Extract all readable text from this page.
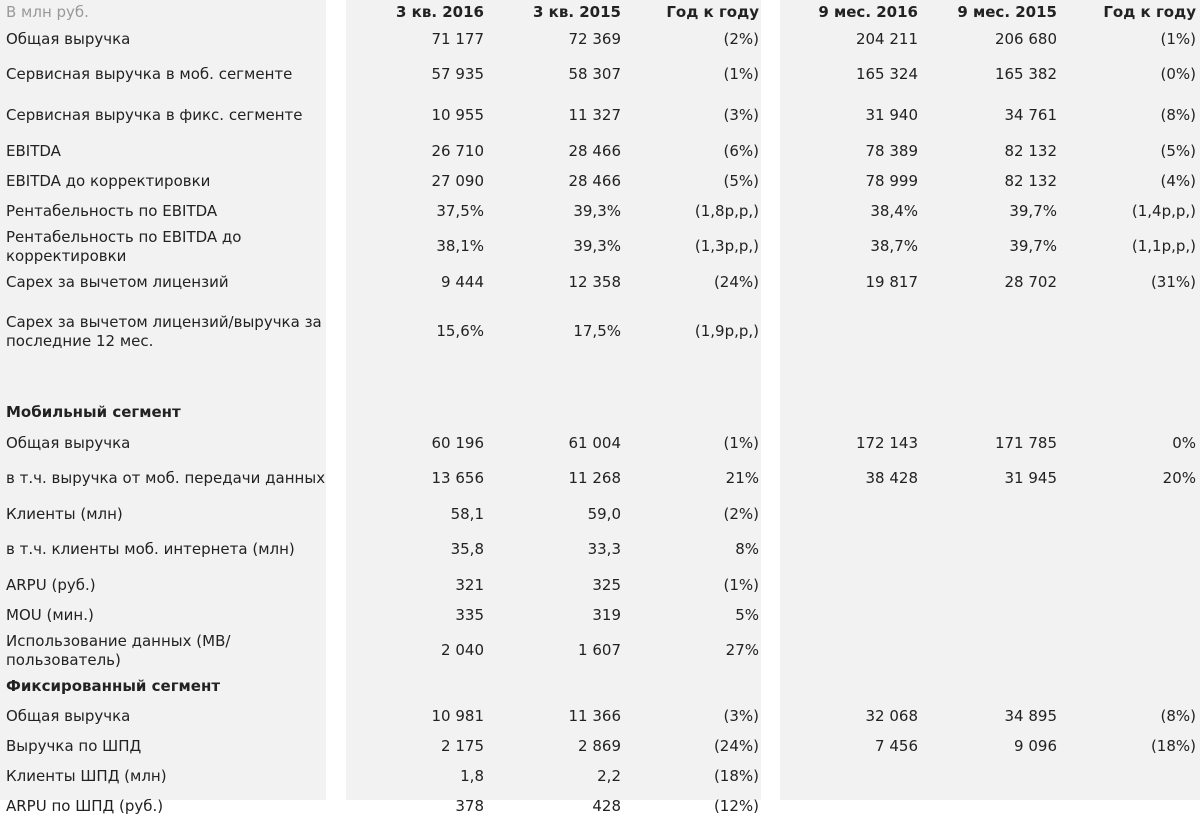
В млн руб.	3 кв. 2016	3 кв. 2015	Год к году	9 мес. 2016	9 мес. 2015	Год к году
Общая выручка	71 177	72 369	(2%)	204 211	206 680	(1%)
Сервисная выручка в моб. сегменте	57 935	58 307	(1%)	165 324	165 382	(0%)
Сервисная выручка в фикс. сегменте	10 955	11 327	(3%)	31 940	34 761	(8%)
EBITDA	26 710	28 466	(6%)	78 389	82 132	(5%)
EBITDA до корректировки	27 090	28 466	(5%)	78 999	82 132	(4%)
Рентабельность по EBITDA	37,5%	39,3%	(1,8p,p,)	38,4%	39,7%	(1,4p,p,)
Рентабельность по EBITDA до корректировки	38,1%	39,3%	(1,3p,p,)	38,7%	39,7%	(1,1p,p,)
Capex за вычетом лицензий	9 444	12 358	(24%)	19 817	28 702	(31%)
Capex за вычетом лицензий/выручка за последние 12 мес.	15,6%	17,5%	(1,9p,p,)			

Мобильный сегмент						
Общая выручка	60 196	61 004	(1%)	172 143	171 785	0%
в т.ч. выручка от моб. передачи данных	13 656	11 268	21%	38 428	31 945	20%
Клиенты (млн)	58,1	59,0	(2%)			
в т.ч. клиенты моб. интернета (млн)	35,8	33,3	8%			
ARPU (руб.)	321	325	(1%)			
MOU (мин.)	335	319	5%			
Использование данных (MB/ пользователь)	2 040	1 607	27%			
Фиксированный сегмент						
Общая выручка	10 981	11 366	(3%)	32 068	34 895	(8%)
Выручка по ШПД	2 175	2 869	(24%)	7 456	9 096	(18%)
Клиенты ШПД (млн)	1,8	2,2	(18%)			
ARPU по ШПД (руб.)	378	428	(12%)			
